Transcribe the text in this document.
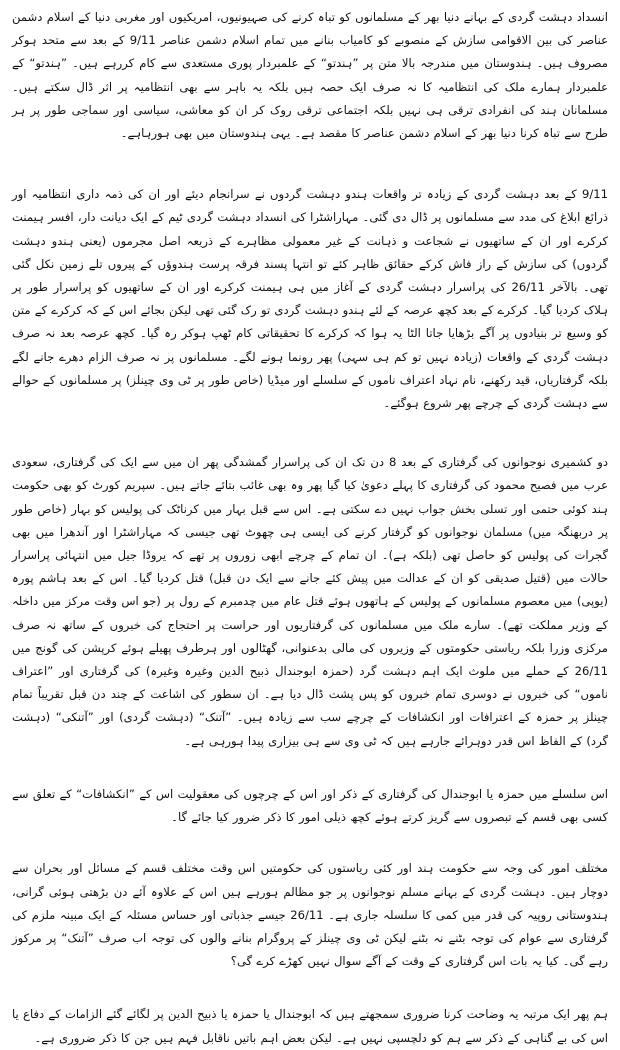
انسداد دہشت گردی کے بہانے دنیا بھر کے مسلمانوں کو تباہ کرنے کی صہیونیوں، امریکیوں اور مغربی دنیا کے اسلام دشمن عناصر کی بین الاقوامی سازش کے منصوبے کو کامیاب بنانے میں تمام اسلام دشمن عناصر 9/11 کے بعد سے متحد ہوکر مصروف ہیں۔ ہندوستان میں مندرجہ بالا متن پر ”ہندتو“ کے علمبردار پوری مستعدی سے کام کررہے ہیں۔ ”ہندتو“ کے علمبردار ہمارے ملک کی انتظامیہ کا نہ صرف ایک حصہ ہیں بلکہ یہ باہر سے بھی انتظامیہ پر اثر ڈال سکتے ہیں۔ مسلمانان ہند کی انفرادی ترقی ہی نہیں بلکہ اجتماعی ترقی روک کر ان کو معاشی، سیاسی اور سماجی طور پر ہر طرح سے تباہ کرنا دنیا بھر کے اسلام دشمن عناصر کا مقصد ہے۔ یہی ہندوستان میں بھی ہورہاہے۔

9/11 کے بعد دہشت گردی کے زیادہ تر واقعات ہندو دہشت گردوں نے سرانجام دیئے اور ان کی ذمہ داری انتظامیہ اور ذرائع ابلاغ کی مدد سے مسلمانوں پر ڈال دی گئی۔ مہاراشٹرا کی انسداد دہشت گردی ٹیم کے ایک دیانت دار، افسر ہیمنت کرکرے اور ان کے ساتھیوں نے شجاعت و ذہانت کے غیر معمولی مظاہرے کے ذریعہ اصل مجرموں (یعنی ہندو دہشت گردوں) کی سازش کے راز فاش کرکے حقائق ظاہر کئے تو انتہا پسند فرقہ پرست ہندوؤں کے پیروں تلے زمین نکل گئی تھی۔ بالآخر 26/11 کی پراسرار دہشت گردی کے آغاز میں ہی ہیمنت کرکرے اور ان کے ساتھیوں کو پراسرار طور پر ہلاک کردیا گیا۔ کرکرے کے بعد کچھ عرصہ کے لئے ہندو دہشت گردی تو رک گئی تھی لیکن بجائے اس کے کہ کرکرے کے متن کو وسیع تر بنیادوں پر آگے بڑھایا جاتا الٹا یہ ہوا کہ کرکرے کا تحقیقاتی کام ٹھپ ہوکر رہ گیا۔ کچھ عرصہ بعد نہ صرف دہشت گردی کے واقعات (زیادہ نہیں تو کم ہی سہی) پھر رونما ہونے لگے۔ مسلمانوں پر نہ صرف الزام دھرے جانے لگے بلکہ گرفتاریاں، قید رکھنے، نام نہاد اعتراف ناموں کے سلسلے اور میڈیا (خاص طور پر ٹی وی چینلز) پر مسلمانوں کے حوالے سے دہشت گردی کے چرچے پھر شروع ہوگئے۔

دو کشمیری نوجوانوں کی گرفتاری کے بعد 8 دن تک ان کی پراسرار گمشدگی پھر ان میں سے ایک کی گرفتاری، سعودی عرب میں فصیح محمود کی گرفتاری کا پہلے دعویٰ کیا گیا پھر وہ بھی غائب بتائے جاتے ہیں۔ سپریم کورٹ کو بھی حکومت ہند کوئی حتمی اور تسلی بخش جواب نہیں دے سکتی ہے۔ اس سے قبل بہار میں کرناٹک کی پولیس کو بہار (خاص طور پر دربھنگہ میں) مسلمان نوجوانوں کو گرفتار کرنے کی ایسی ہی چھوٹ تھی جیسی کہ مہاراشٹرا اور آندھرا میں بھی گجرات کی پولیس کو حاصل تھی (بلکہ ہے)۔ ان تمام کے چرچے ابھی زوروں پر تھے کہ یروڈا جیل میں انتہائی پراسرار حالات میں (قتیل صدیقی کو ان کے عدالت میں پیش کئے جانے سے ایک دن قبل) قتل کردیا گیا۔ اس کے بعد ہاشم پورہ (یوپی) میں معصوم مسلمانوں کے پولیس کے ہاتھوں ہوئے قتل عام میں چدمبرم کے رول پر (جو اس وقت مرکز میں داخلہ کے وزیر مملکت تھے)۔ سارے ملک میں مسلمانوں کی گرفتاریوں اور حراست پر احتجاج کی خبروں کے ساتھ نہ صرف مرکزی وزرا بلکہ ریاستی حکومتوں کے وزیروں کی مالی بدعنوانی، گھٹالوں اور ہرطرف پھیلے ہوئے کرپشن کی گونج میں 26/11 کے حملے میں ملوث ایک اہم دہشت گرد (حمزہ ابوجندال ذبیح الدین وغیرہ وغیرہ) کی گرفتاری اور ”اعتراف ناموں“ کی خبروں نے دوسری تمام خبروں کو پس پشت ڈال دیا ہے۔ ان سطور کی اشاعت کے چند دن قبل تقریباً تمام چینلز پر حمزہ کے اعترافات اور انکشافات کے چرچے سب سے زیادہ ہیں۔ ”آتنک“ (دہشت گردی) اور ”آتنکی“ (دہشت گرد) کے الفاظ اس قدر دوہرائے جارہے ہیں کہ ٹی وی سے ہی بیزاری پیدا ہورہی ہے۔

اس سلسلے میں حمزہ یا ابوجندال کی گرفتاری کے ذکر اور اس کے چرچوں کی معقولیت اس کے ”انکشافات“ کے تعلق سے کسی بھی قسم کے تبصروں سے گریز کرتے ہوئے کچھ ذیلی امور کا ذکر ضرور کیا جائے گا۔

مختلف امور کی وجہ سے حکومت ہند اور کئی ریاستوں کی حکومتیں اس وقت مختلف قسم کے مسائل اور بحران سے دوچار ہیں۔ دہشت گردی کے بہانے مسلم نوجوانوں پر جو مظالم ہورہے ہیں اس کے علاوہ آئے دن بڑھتی ہوئی گرانی، ہندوستانی روپیہ کی قدر میں کمی کا سلسلہ جاری ہے۔ 26/11 جیسے جذباتی اور حساس مسئلہ کے ایک مبینہ ملزم کی گرفتاری سے عوام کی توجہ بٹنے نہ بٹنے لیکن ٹی وی چینلز کے پروگرام بنانے والوں کی توجہ اب صرف ”آتنک“ پر مرکوز رہے گی۔ کیا یہ بات اس گرفتاری کے وقت کے آگے سوال نہیں کھڑے کرے گی؟

ہم پھر ایک مرتبہ یہ وضاحت کرنا ضروری سمجھتے ہیں کہ ابوجندال یا حمزہ یا ذبیح الدین پر لگائے گئے الزامات کے دفاع یا اس کی بے گناہی کے ذکر سے ہم کو دلچسپی نہیں ہے۔ لیکن بعض اہم باتیں ناقابل فہم ہیں جن کا ذکر ضروری ہے۔
